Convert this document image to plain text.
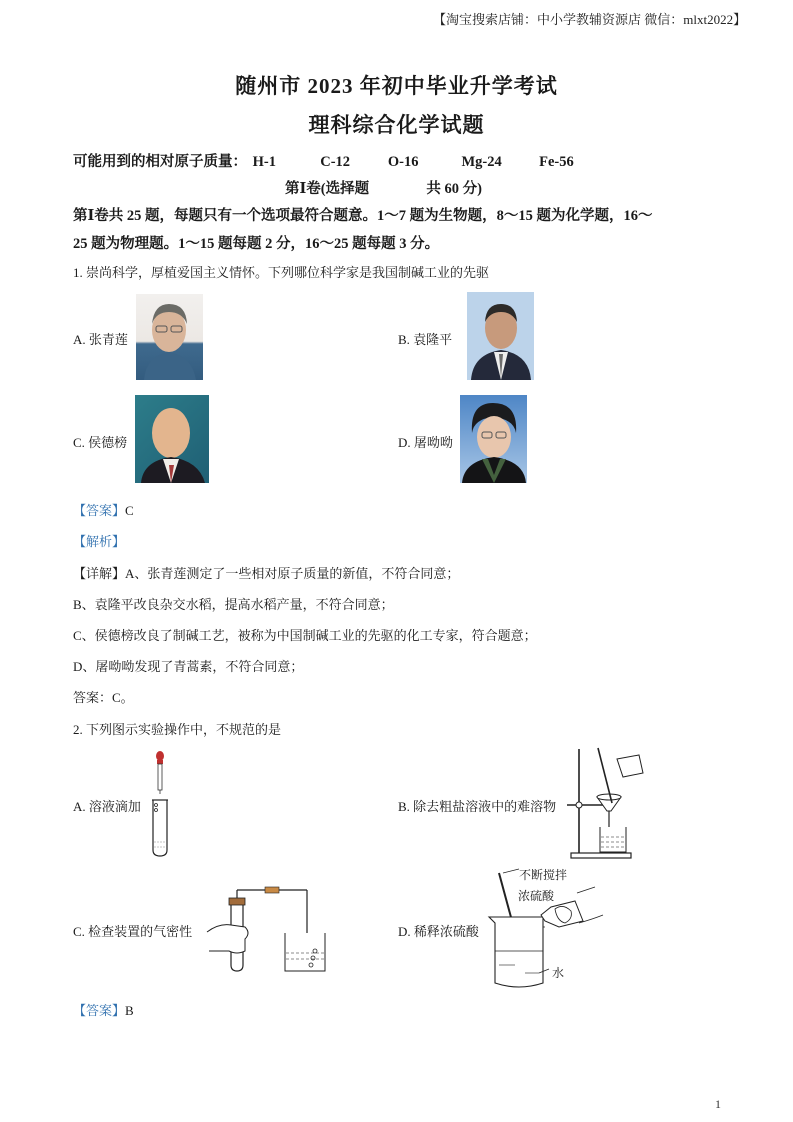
【淘宝搜索店铺：中小学教辅资源店 微信：mlxt2022】
随州市 2023 年初中毕业升学考试
理科综合化学试题
可能用到的相对原子质量： H-1	C-12	O-16	Mg-24	Fe-56
第Ⅰ卷(选择题	共 60 分)
第Ⅰ卷共 25 题，每题只有一个选项最符合题意。1～7 题为生物题，8～15 题为化学题，16～
25 题为物理题。1～15 题每题 2 分，16～25 题每题 3 分。
1. 崇尚科学，厚植爱国主义情怀。下列哪位科学家是我国制碱工业的先驱
A. 张青莲	B. 袁隆平
C. 侯德榜	D. 屠呦呦
【答案】C
【解析】
【详解】A、张青莲测定了一些相对原子质量的新值，不符合同意；
B、袁隆平改良杂交水稻，提高水稻产量，不符合同意；
C、侯德榜改良了制碱工艺，被称为中国制碱工业的先驱的化工专家，符合题意；
D、屠呦呦发现了青蒿素，不符合同意；
答案：C。
2. 下列图示实验操作中，不规范的是
A. 溶液滴加	B. 除去粗盐溶液中的难溶物
C. 检查装置的气密性	D. 稀释浓硫酸
不断搅拌
浓硫酸
水
【答案】B
1
